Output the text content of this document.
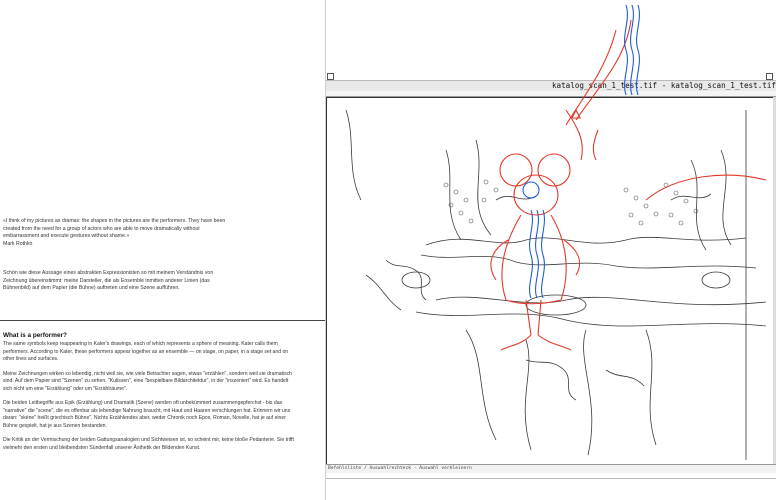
«I think of my pictures as dramas: the shapes in the pictures are the performers. They have been created from the need for a group of actors who are able to move dramatically without embarrassment and execute gestures without shame.»
Mark Rothko
Schön wie diese Aussage eines abstrakten Expressionisten so mit meinem Verständnis von Zeichnung übereinstimmt: meine Darsteller, die als Ensemble inmitten anderer Linien (das Bühnenbild) auf dem Papier (die Bühne) auftreten und eine Szene aufführen.
What is a performer?

The same symbols keep reappearing in Kater's drawings, each of which represents a sphere of meaning. Kater calls them performers. According to Kater, these performers appear together as an ensemble — on stage, on paper, in a stage set and on other lines and surfaces.

Meine Zeichnungen wirken so lebendig, nicht weil sie, wie viele Betrachter sagen, etwas "erzählen", sondern weil sie dramatisch sind. Auf dem Papier sind "Szenen" zu sehen. "Kulissen", eine "bespielbare Bildarchitektur", in der "inszeniert" wird. Es handelt sich nicht um eine "Erzählung" oder um "Erzählräume".

Die beiden Leitbegriffe aus Epik (Erzählung) und Dramatik (Szene) werden oft unbekümmert zusammengepferchst - bis das "narrative" die "scene", die es offenbar als lebendige Nahrung braucht, mit Haut und Haaren verschlungen hat. Erinnern wir uns daran: "skéne" heißt griechisch Bühne". Nichts Erzählendes aber, weder Chronik noch Epos, Roman, Novelle, hat je auf einer Bühne gespielt, hat je aus Szenen bestanden.

Die Kritik an der Vermischung der beiden Gattungsanalogien und Sichtweisen ist, so scheint mir, keine bloße Pedanterie. Sie trifft vielmehr den ersten und bleibendsten Sündenfall unserer Ästhetik der Bildenden Kunst.

katalog_scan_1_test.tif - katalog_scan_1_test.tif
Befehlsliste / Auswahlrechteck - Auswahl verkleinern
